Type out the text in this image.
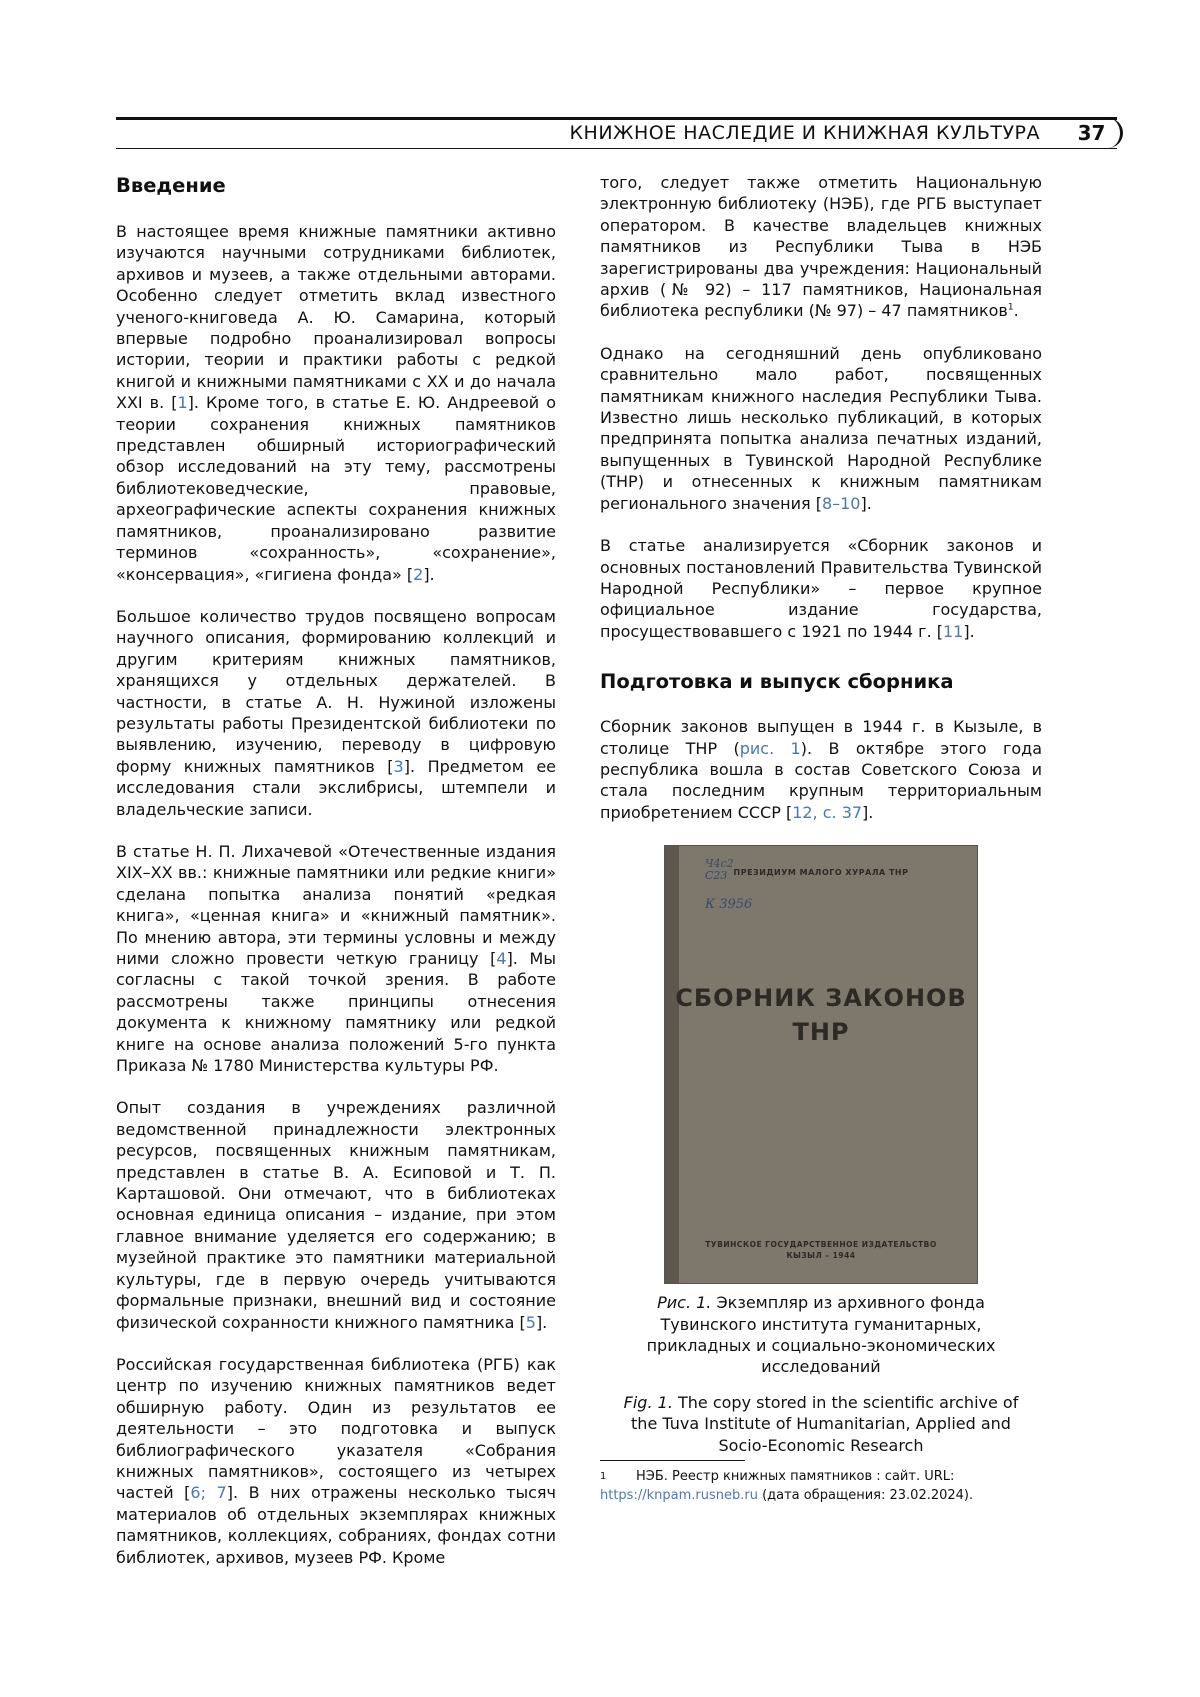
КНИЖНОЕ НАСЛЕДИЕ И КНИЖНАЯ КУЛЬТУРА	37
Введение

В настоящее время книжные памятники активно изучаются научными сотрудниками библиотек, архивов и музеев, а также отдельными авторами. Особенно следует отметить вклад известного ученого-книговеда А. Ю. Самарина, который впервые подробно проанализировал вопросы истории, теории и практики работы с редкой книгой и книжными памятниками с XX и до начала XXI в. [1]. Кроме того, в статье Е. Ю. Андреевой о теории сохранения книжных памятников представлен обширный историографический обзор исследований на эту тему, рассмотрены библиотековедческие, правовые, археографические аспекты сохранения книжных памятников, проанализировано развитие терминов «сохранность», «сохранение», «консервация», «гигиена фонда» [2].

Большое количество трудов посвящено вопросам научного описания, формированию коллекций и другим критериям книжных памятников, хранящихся у отдельных держателей. В частности, в статье А. Н. Нужиной изложены результаты работы Президентской библиотеки по выявлению, изучению, переводу в цифровую форму книжных памятников [3]. Предметом ее исследования стали экслибрисы, штемпели и владельческие записи.

В статье Н. П. Лихачевой «Отечественные издания XIX–XX вв.: книжные памятники или редкие книги» сделана попытка анализа понятий «редкая книга», «ценная книга» и «книжный памятник». По мнению автора, эти термины условны и между ними сложно провести четкую границу [4]. Мы согласны с такой точкой зрения. В работе рассмотрены также принципы отнесения документа к книжному памятнику или редкой книге на основе анализа положений 5-го пункта Приказа № 1780 Министерства культуры РФ.

Опыт создания в учреждениях различной ведомственной принадлежности электронных ресурсов, посвященных книжным памятникам, представлен в статье В. А. Есиповой и Т. П. Карташовой. Они отмечают, что в библиотеках основная единица описания – издание, при этом главное внимание уделяется его содержанию; в музейной практике это памятники материальной культуры, где в первую очередь учитываются формальные признаки, внешний вид и состояние физической сохранности книжного памятника [5].

Российская государственная библиотека (РГБ) как центр по изучению книжных памятников ведет обширную работу. Один из результатов ее деятельности – это подготовка и выпуск библиографического указателя «Собрания книжных памятников», состоящего из четырех частей [6; 7]. В них отражены несколько тысяч материалов об отдельных экземплярах книжных памятников, коллекциях, собраниях, фондах сотни библиотек, архивов, музеев РФ. Кроме

того, следует также отметить Национальную электронную библиотеку (НЭБ), где РГБ выступает оператором. В качестве владельцев книжных памятников из Республики Тыва в НЭБ зарегистрированы два учреждения: Национальный архив (№ 92) – 117 памятников, Национальная библиотека республики (№ 97) – 47 памятников1.

Однако на сегодняшний день опубликовано сравнительно мало работ, посвященных памятникам книжного наследия Республики Тыва. Известно лишь несколько публикаций, в которых предпринята попытка анализа печатных изданий, выпущенных в Тувинской Народной Республике (ТНР) и отнесенных к книжным памятникам регионального значения [8–10].

В статье анализируется «Сборник законов и основных постановлений Правительства Тувинской Народной Республики» – первое крупное официальное издание государства, просуществовавшего с 1921 по 1944 г. [11].

Подготовка и выпуск сборника

Сборник законов выпущен в 1944 г. в Кызыле, в столице ТНР (рис. 1). В октябре этого года республика вошла в состав Советского Союза и стала последним крупным территориальным приобретением СССР [12, с. 37].

Ч4с2
С23 ПРЕЗИДИУМ МАЛОГО ХУРАЛА ТНР
К 3956
СБОРНИК ЗАКОНОВ
ТНР
ТУВИНСКОЕ ГОСУДАРСТВЕННОЕ ИЗДАТЕЛЬСТВО
КЫЗЫЛ – 1944
Рис. 1. Экземпляр из архивного фонда Тувинского института гуманитарных, прикладных и социально-экономических исследований
Fig. 1. The copy stored in the scientific archive of the Tuva Institute of Humanitarian, Applied and Socio-Economic Research
1 НЭБ. Реестр книжных памятников : сайт. URL: https://knpam.rusneb.ru (дата обращения: 23.02.2024).
